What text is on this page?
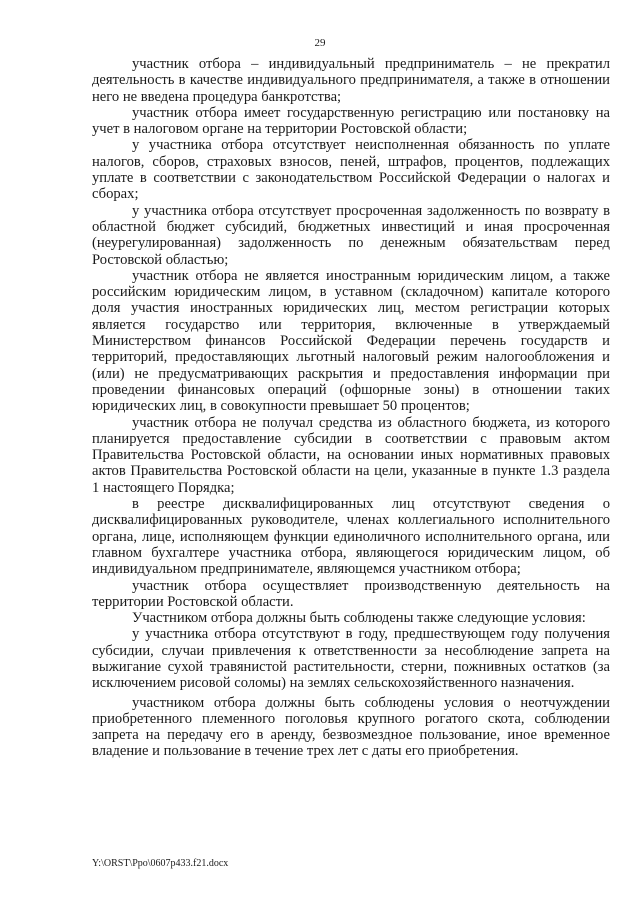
29

участник отбора – индивидуальный предприниматель – не прекратил деятельность в качестве индивидуального предпринимателя, а также в отношении него не введена процедура банкротства;

участник отбора имеет государственную регистрацию или постановку на учет в налоговом органе на территории Ростовской области;

у участника отбора отсутствует неисполненная обязанность по уплате налогов, сборов, страховых взносов, пеней, штрафов, процентов, подлежащих уплате в соответствии с законодательством Российской Федерации о налогах и сборах;

у участника отбора отсутствует просроченная задолженность по возврату в областной бюджет субсидий, бюджетных инвестиций и иная просроченная (неурегулированная) задолженность по денежным обязательствам перед Ростовской областью;

участник отбора не является иностранным юридическим лицом, а также российским юридическим лицом, в уставном (складочном) капитале которого доля участия иностранных юридических лиц, местом регистрации которых является государство или территория, включенные в утверждаемый Министерством финансов Российской Федерации перечень государств и территорий, предоставляющих льготный налоговый режим налогообложения и (или) не предусматривающих раскрытия и предоставления информации при проведении финансовых операций (офшорные зоны) в отношении таких юридических лиц, в совокупности превышает 50 процентов;

участник отбора не получал средства из областного бюджета, из которого планируется предоставление субсидии в соответствии с правовым актом Правительства Ростовской области, на основании иных нормативных правовых актов Правительства Ростовской области на цели, указанные в пункте 1.3 раздела 1 настоящего Порядка;

в реестре дисквалифицированных лиц отсутствуют сведения о дисквалифицированных руководителе, членах коллегиального исполнительного органа, лице, исполняющем функции единоличного исполнительного органа, или главном бухгалтере участника отбора, являющегося юридическим лицом, об индивидуальном предпринимателе, являющемся участником отбора;

участник отбора осуществляет производственную деятельность на территории Ростовской области.

Участником отбора должны быть соблюдены также следующие условия:

у участника отбора отсутствуют в году, предшествующем году получения субсидии, случаи привлечения к ответственности за несоблюдение запрета на выжигание сухой травянистой растительности, стерни, пожнивных остатков (за исключением рисовой соломы) на землях сельскохозяйственного назначения.

участником отбора должны быть соблюдены условия о неотчуждении приобретенного племенного поголовья крупного рогатого скота, соблюдении запрета на передачу его в аренду, безвозмездное пользование, иное временное владение и пользование в течение трех лет с даты его приобретения.

Y:\ORST\Ppo\0607p433.f21.docx
